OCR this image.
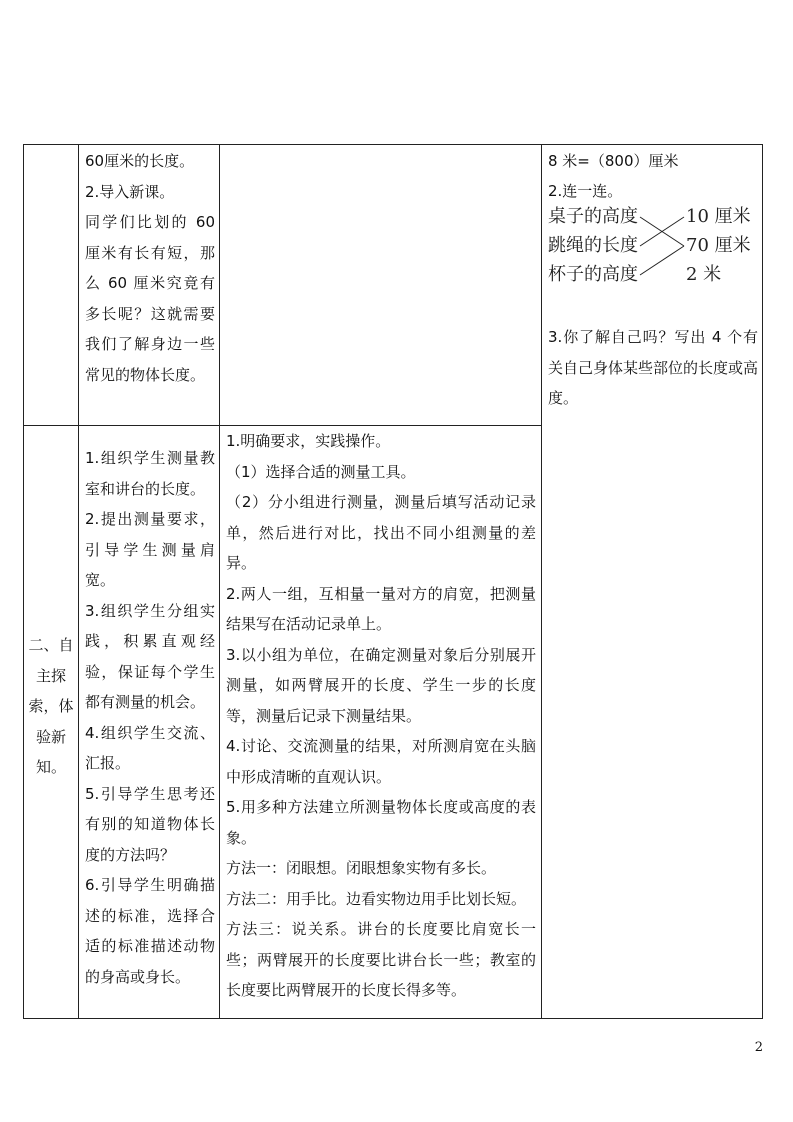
60厘米的长度。

2.导入新课。

同学们比划的 60 厘米有长有短，那么 60 厘米究竟有多长呢？这就需要我们了解身边一些常见的物体长度。

8 米=（800）厘米
2.连一连。
桌子的高度
跳绳的长度
杯子的高度
10 厘米
70 厘米
2 米
3.你了解自己吗？写出 4 个有关自己身体某些部位的长度或高度。
二、自主探索，体验新知。

1.组织学生测量教室和讲台的长度。

2.提出测量要求，引导学生测量肩宽。

3.组织学生分组实践，积累直观经验，保证每个学生都有测量的机会。

4.组织学生交流、汇报。

5.引导学生思考还有别的知道物体长度的方法吗？

6.引导学生明确描述的标准，选择合适的标准描述动物的身高或身长。

1.明确要求，实践操作。

（1）选择合适的测量工具。

（2）分小组进行测量，测量后填写活动记录单，然后进行对比，找出不同小组测量的差异。

2.两人一组，互相量一量对方的肩宽，把测量结果写在活动记录单上。

3.以小组为单位，在确定测量对象后分别展开测量，如两臂展开的长度、学生一步的长度等，测量后记录下测量结果。

4.讨论、交流测量的结果，对所测肩宽在头脑中形成清晰的直观认识。

5.用多种方法建立所测量物体长度或高度的表象。

方法一：闭眼想。闭眼想象实物有多长。

方法二：用手比。边看实物边用手比划长短。

方法三：说关系。讲台的长度要比肩宽长一些；两臂展开的长度要比讲台长一些；教室的长度要比两臂展开的长度长得多等。

2
